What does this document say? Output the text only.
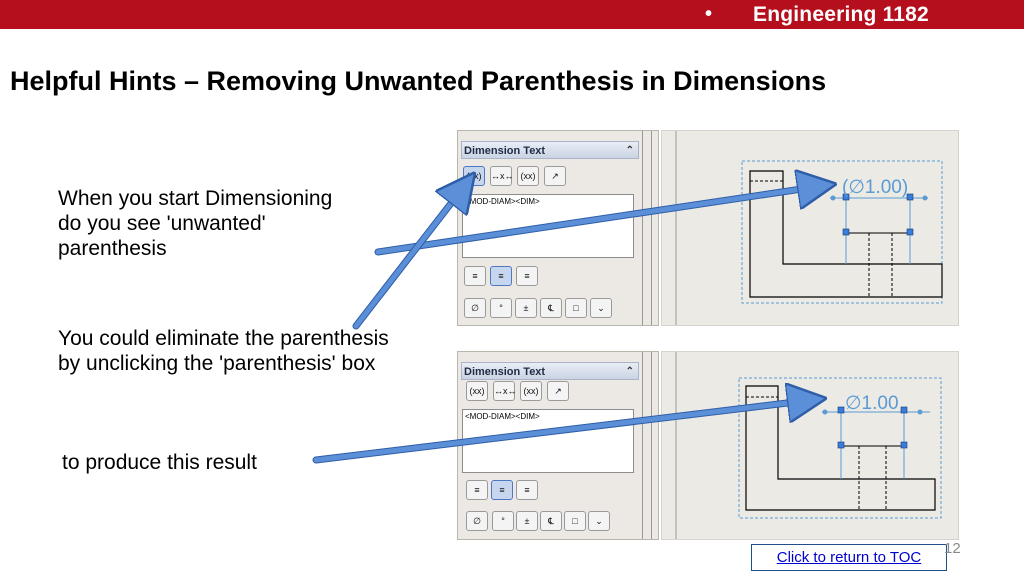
• Engineering 1182
Helpful Hints – Removing Unwanted Parenthesis in Dimensions
When you start Dimensioning do you see 'unwanted' parenthesis
You could eliminate the parenthesis by unclicking the 'parenthesis' box
to produce this result
Dimension Text	⌃
(xx)	↔x↔ (xx)	↗
<MOD-DIAM><DIM>
≡	≡	≡
∅	°	±	℄	□	⌄
Dimension Text	⌃
(xx)	↔x↔ (xx)	↗
<MOD-DIAM><DIM>
≡	≡	≡
∅	°	±	℄	□	⌄
(∅1.00)
∅1.00
Click to return to TOC
12
